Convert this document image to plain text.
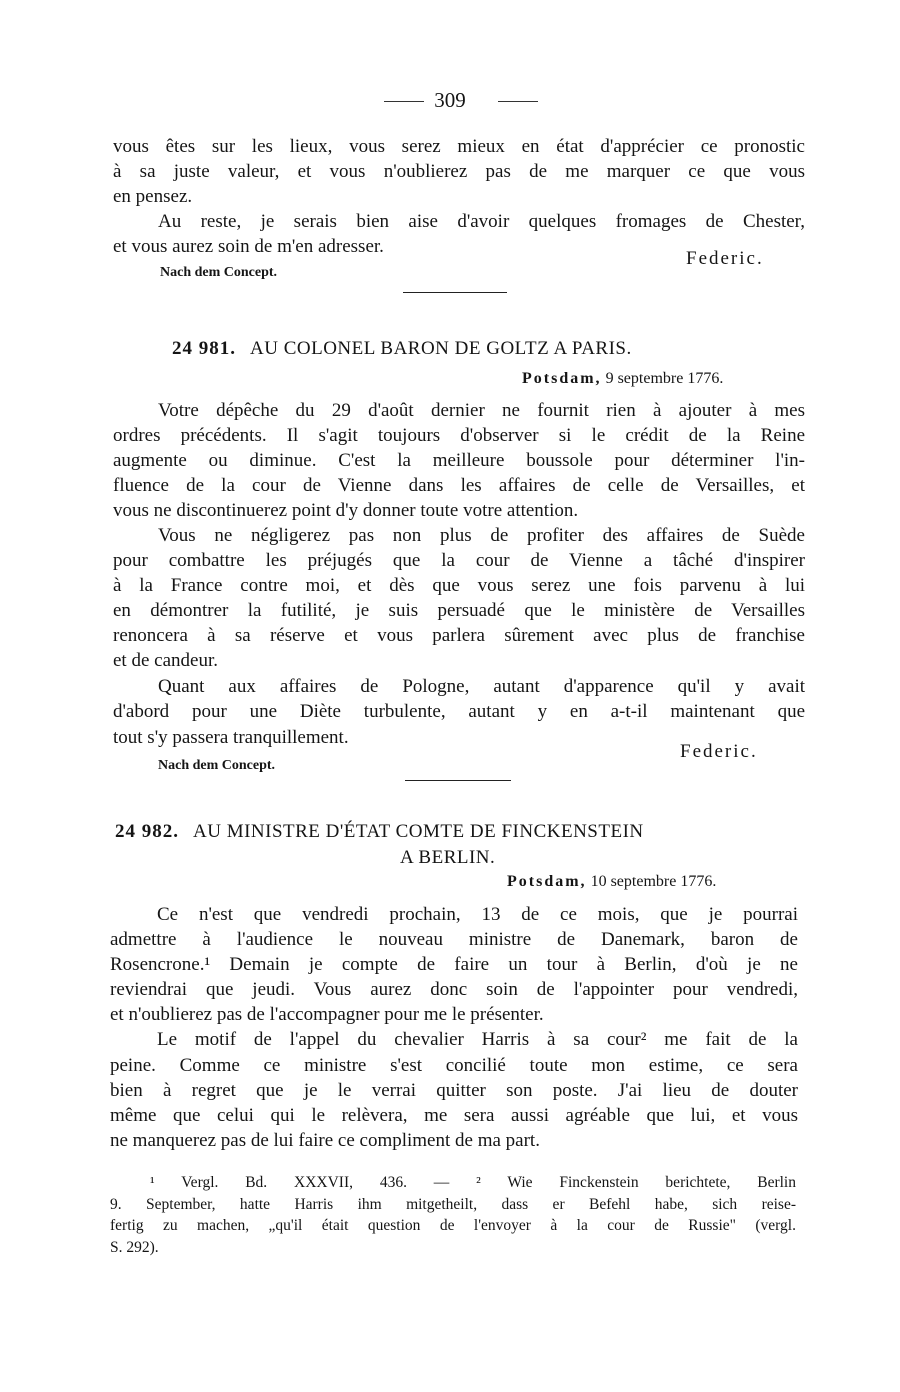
309
vous êtes sur les lieux, vous serez mieux en état d'apprécier ce pronostic
à sa juste valeur, et vous n'oublierez pas de me marquer ce que vous
en pensez.
Au reste, je serais bien aise d'avoir quelques fromages de Chester,
et vous aurez soin de m'en adresser.
Federic.
Nach dem Concept.
24 981. AU COLONEL BARON DE GOLTZ A PARIS.
Potsdam, 9 septembre 1776.
Votre dépêche du 29 d'août dernier ne fournit rien à ajouter à mes
ordres précédents. Il s'agit toujours d'observer si le crédit de la Reine
augmente ou diminue. C'est la meilleure boussole pour déterminer l'in-
fluence de la cour de Vienne dans les affaires de celle de Versailles, et
vous ne discontinuerez point d'y donner toute votre attention.
Vous ne négligerez pas non plus de profiter des affaires de Suède
pour combattre les préjugés que la cour de Vienne a tâché d'inspirer
à la France contre moi, et dès que vous serez une fois parvenu à lui
en démontrer la futilité, je suis persuadé que le ministère de Versailles
renoncera à sa réserve et vous parlera sûrement avec plus de franchise
et de candeur.
Quant aux affaires de Pologne, autant d'apparence qu'il y avait
d'abord pour une Diète turbulente, autant y en a-t-il maintenant que
tout s'y passera tranquillement.
Federic.
Nach dem Concept.
24 982. AU MINISTRE D'ÉTAT COMTE DE FINCKENSTEIN
A BERLIN.
Potsdam, 10 septembre 1776.
Ce n'est que vendredi prochain, 13 de ce mois, que je pourrai
admettre à l'audience le nouveau ministre de Danemark, baron de
Rosencrone.¹ Demain je compte de faire un tour à Berlin, d'où je ne
reviendrai que jeudi. Vous aurez donc soin de l'appointer pour vendredi,
et n'oublierez pas de l'accompagner pour me le présenter.
Le motif de l'appel du chevalier Harris à sa cour² me fait de la
peine. Comme ce ministre s'est concilié toute mon estime, ce sera
bien à regret que je le verrai quitter son poste. J'ai lieu de douter
même que celui qui le relèvera, me sera aussi agréable que lui, et vous
ne manquerez pas de lui faire ce compliment de ma part.
¹ Vergl. Bd. XXXVII, 436. — ² Wie Finckenstein berichtete, Berlin
9. September, hatte Harris ihm mitgetheilt, dass er Befehl habe, sich reise-
fertig zu machen, „qu'il était question de l'envoyer à la cour de Russie" (vergl.
S. 292).
